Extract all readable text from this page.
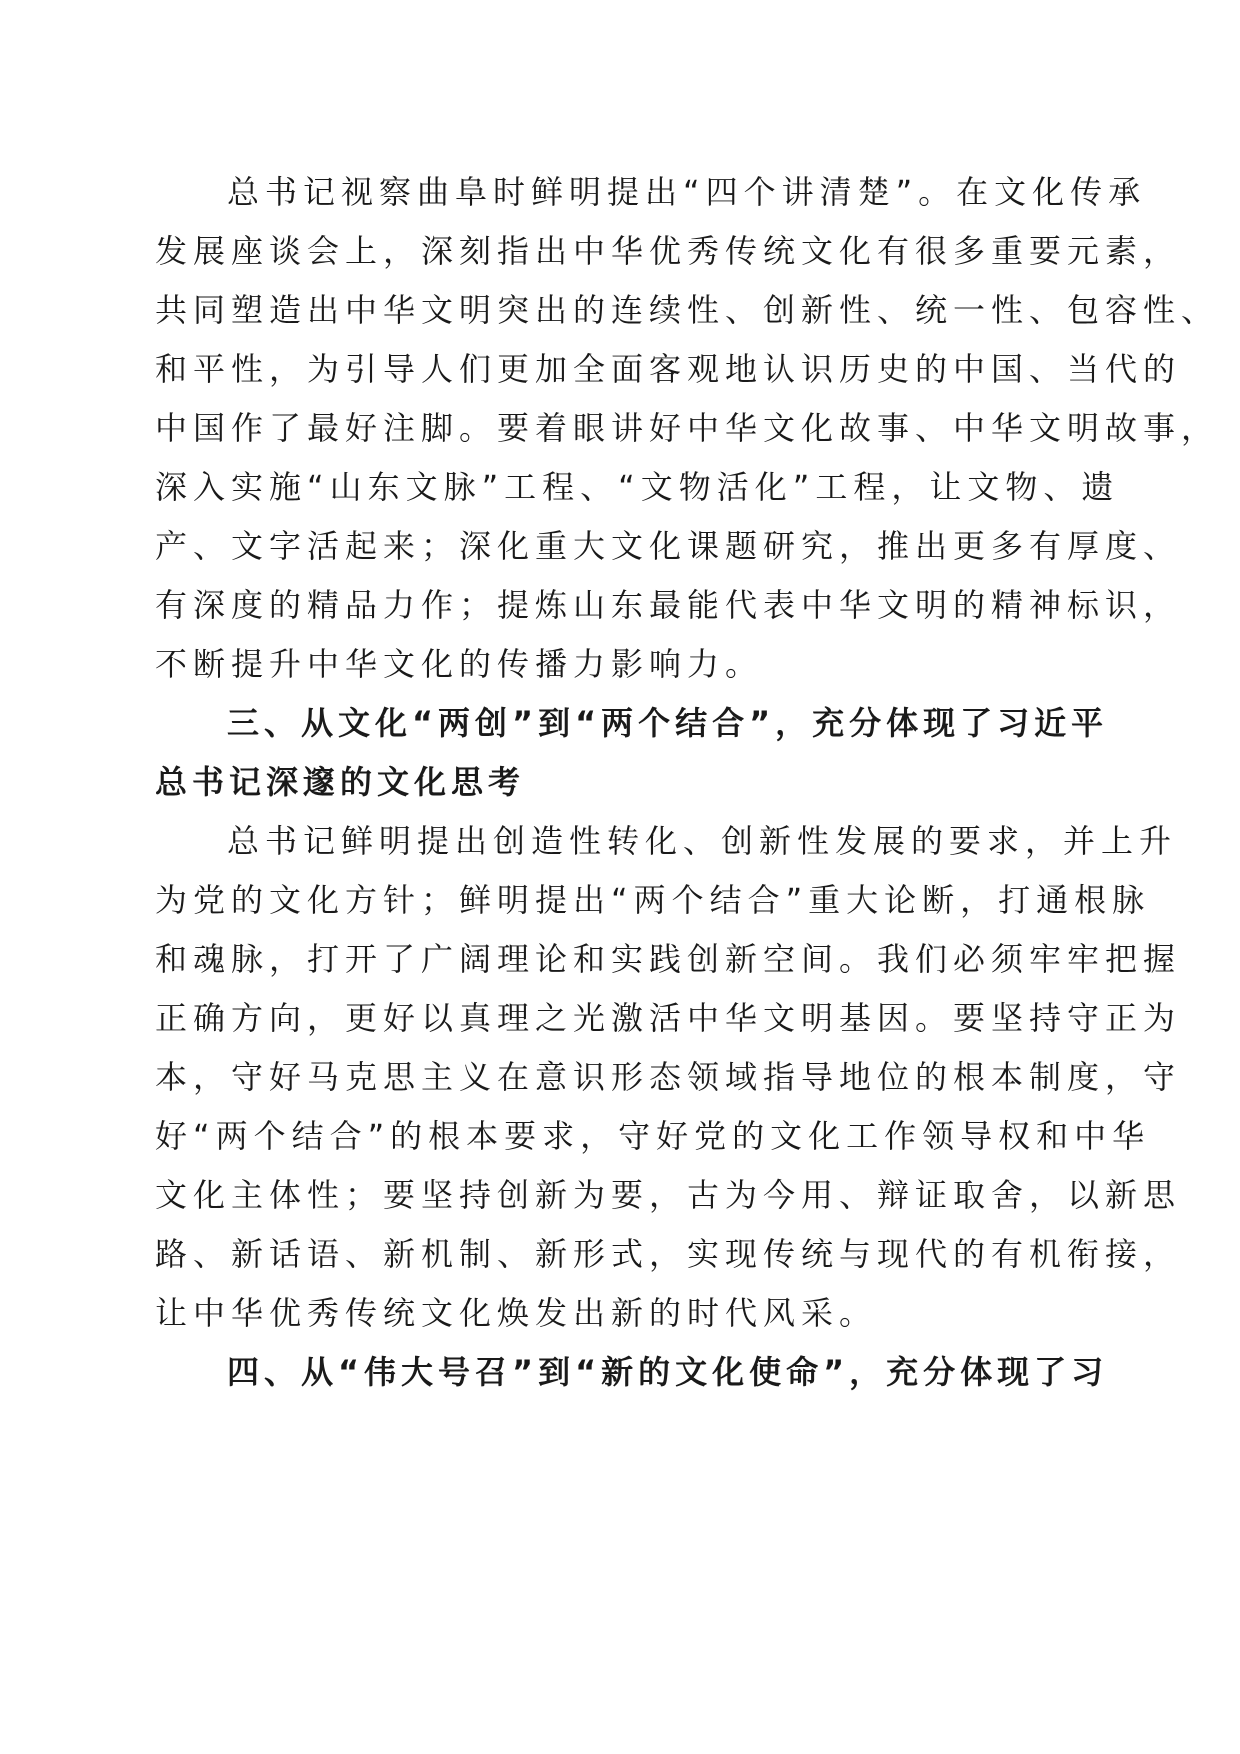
总书记视察曲阜时鲜明提出“四个讲清楚”。在文化传承
发展座谈会上，深刻指出中华优秀传统文化有很多重要元素，
共同塑造出中华文明突出的连续性、创新性、统一性、包容性、
和平性，为引导人们更加全面客观地认识历史的中国、当代的
中国作了最好注脚。要着眼讲好中华文化故事、中华文明故事，
深入实施“山东文脉”工程、“文物活化”工程，让文物、遗
产、文字活起来；深化重大文化课题研究，推出更多有厚度、
有深度的精品力作；提炼山东最能代表中华文明的精神标识，
不断提升中华文化的传播力影响力。
三、从文化“两创”到“两个结合”，充分体现了习近平
总书记深邃的文化思考
总书记鲜明提出创造性转化、创新性发展的要求，并上升
为党的文化方针；鲜明提出“两个结合”重大论断，打通根脉
和魂脉，打开了广阔理论和实践创新空间。我们必须牢牢把握
正确方向，更好以真理之光激活中华文明基因。要坚持守正为
本，守好马克思主义在意识形态领域指导地位的根本制度，守
好“两个结合”的根本要求，守好党的文化工作领导权和中华
文化主体性；要坚持创新为要，古为今用、辩证取舍，以新思
路、新话语、新机制、新形式，实现传统与现代的有机衔接，
让中华优秀传统文化焕发出新的时代风采。
四、从“伟大号召”到“新的文化使命”，充分体现了习
